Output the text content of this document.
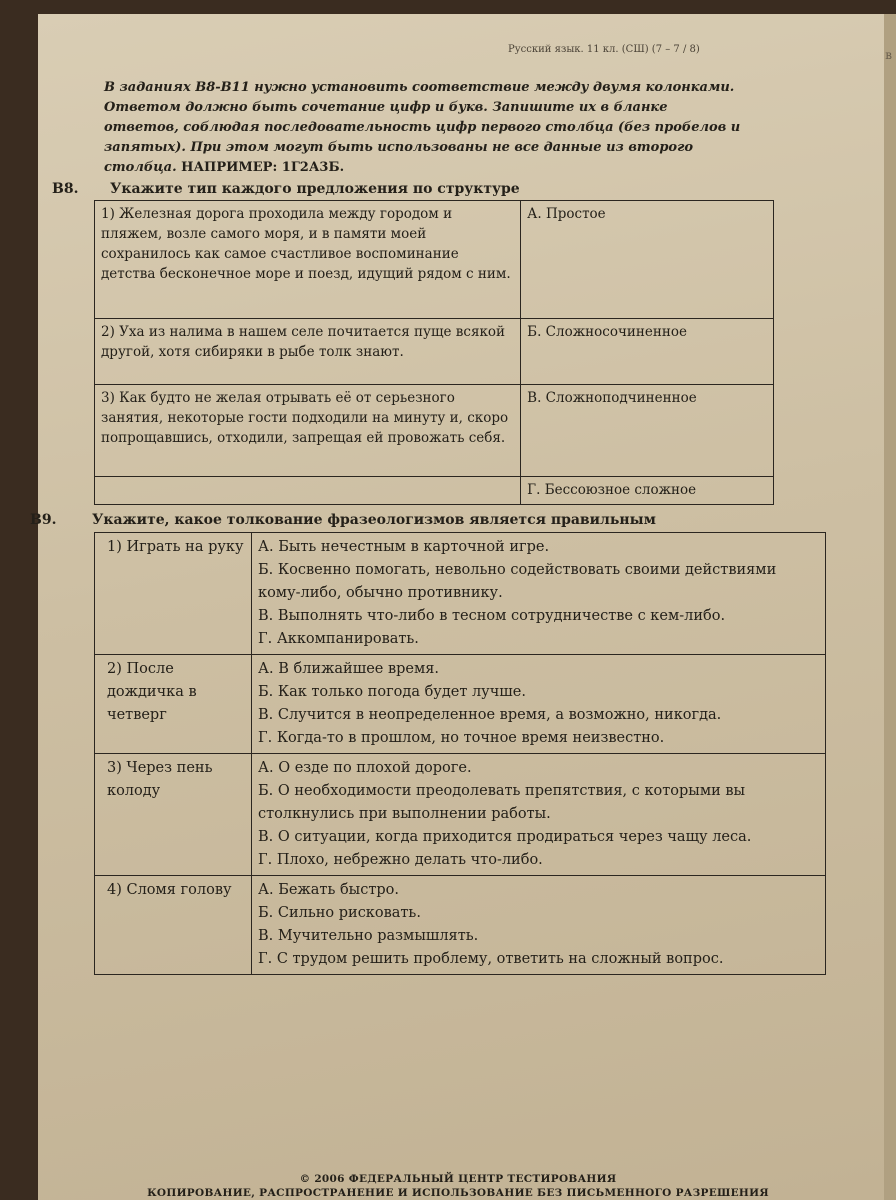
Русский язык. 11 кл. (СШ) (7 – 7 / 8)	в
В заданиях В8-В11 нужно установить соответствие между двумя колонками. Ответом должно быть сочетание цифр и букв. Запишите их в бланке ответов, соблюдая последовательность цифр первого столбца (без пробелов и запятых). При этом могут быть использованы не все данные из второго столбца. НАПРИМЕР: 1Г2А3Б.
В8. Укажите тип каждого предложения по структуре
1) Железная дорога проходила между городом и пляжем, возле самого моря, и в памяти моей сохранилось как самое счастливое воспоминание детства бесконечное море и поезд, идущий рядом с ним.	А. Простое
2) Уха из налима в нашем селе почитается пуще всякой другой, хотя сибиряки в рыбе толк знают.	Б. Сложносочиненное
3) Как будто не желая отрывать её от серьезного занятия, некоторые гости подходили на минуту и, скоро попрощавшись, отходили, запрещая ей провожать себя.	В. Сложноподчиненное
	Г. Бессоюзное сложное
В9.	Укажите, какое толкование фразеологизмов является правильным
1) Играть на руку	А. Быть нечестным в карточной игре.
Б. Косвенно помогать, невольно содействовать своими действиями кому-либо, обычно противнику.
В. Выполнять что-либо в тесном сотрудничестве с кем-либо.
Г. Аккомпанировать.

2) После дождичка в четверг	А. В ближайшее время.
Б. Как только погода будет лучше.
В. Случится в неопределенное время, а возможно, никогда.
Г. Когда-то в прошлом, но точное время неизвестно.

3) Через пень колоду	А. О езде по плохой дороге.
Б. О необходимости преодолевать препятствия, с которыми вы столкнулись при выполнении работы.
В. О ситуации, когда приходится продираться через чащу леса.
Г. Плохо, небрежно делать что-либо.

4) Сломя голову	А. Бежать быстро.
Б. Сильно рисковать.
В. Мучительно размышлять.
Г. С трудом решить проблему, ответить на сложный вопрос.
© 2006 ФЕДЕРАЛЬНЫЙ ЦЕНТР ТЕСТИРОВАНИЯ
КОПИРОВАНИЕ, РАСПРОСТРАНЕНИЕ И ИСПОЛЬЗОВАНИЕ БЕЗ ПИСЬМЕННОГО РАЗРЕШЕНИЯ
